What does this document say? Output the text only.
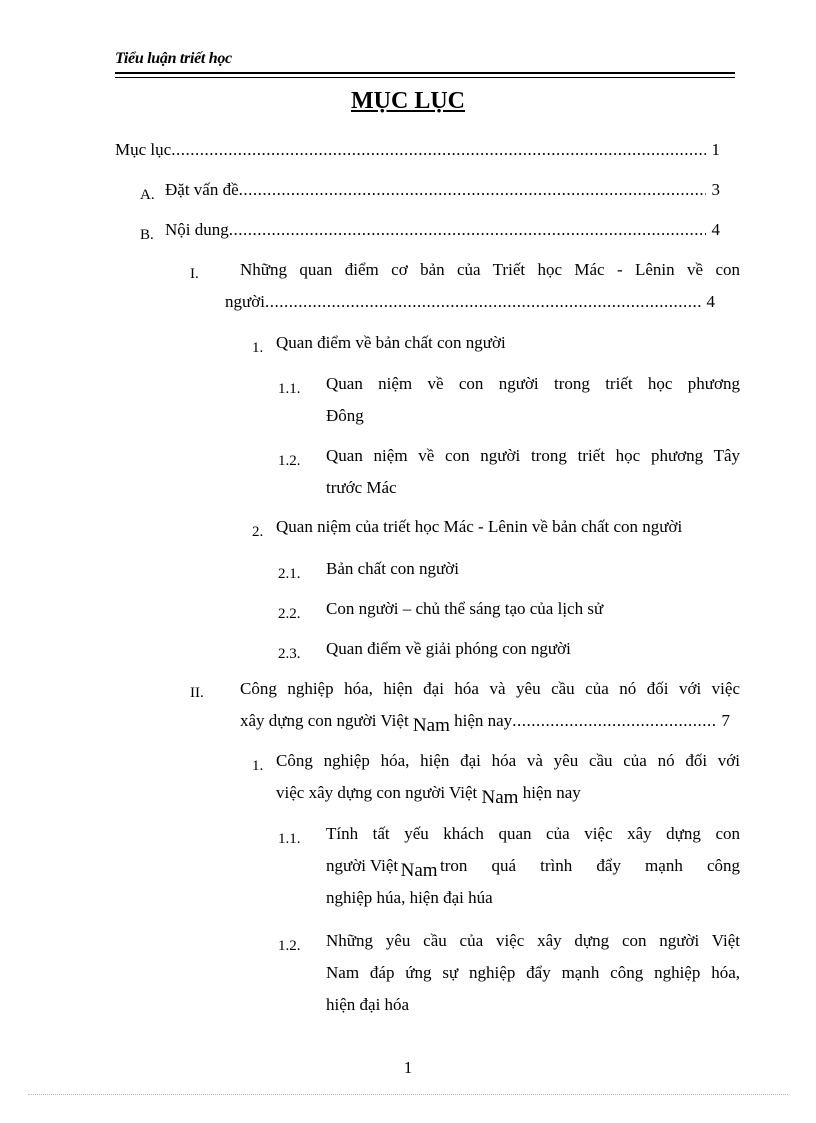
Tiểu luận triết học
MỤC LỤC
Mục lục .....	1
A. Đặt vấn đề .....	3
B. Nội dung .....	4
I. Những quan điểm cơ bản của Triết học Mác - Lênin về con
người .....	4
1. Quan điểm về bản chất con người
1.1. Quan niệm về con người trong triết học phương
Đông
1.2. Quan niệm về con người trong triết học phương Tây
trước Mác
2. Quan niệm của triết học Mác - Lênin về bản chất con người
2.1. Bản chất con người
2.2. Con người – chủ thể sáng tạo của lịch sử
2.3. Quan điểm về giải phóng con người
II. Công nghiệp hóa, hiện đại hóa và yêu cầu của nó đối với việc
xây dựng con người Việt
Nam
hiện nay .....	7
1. Công nghiệp hóa, hiện đại hóa và yêu cầu của nó đối với
việc xây dựng con người Việt Nam hiện nay
1.1. Tính tất yếu khách quan của việc xây dựng con
người Việt Nam tron quá trình đẩy mạnh công
nghiệp húa, hiện đại húa
1.2. Những yêu cầu của việc xây dựng con người Việt
Nam đáp ứng sự nghiệp đẩy mạnh công nghiệp hóa,
hiện đại hóa
1
